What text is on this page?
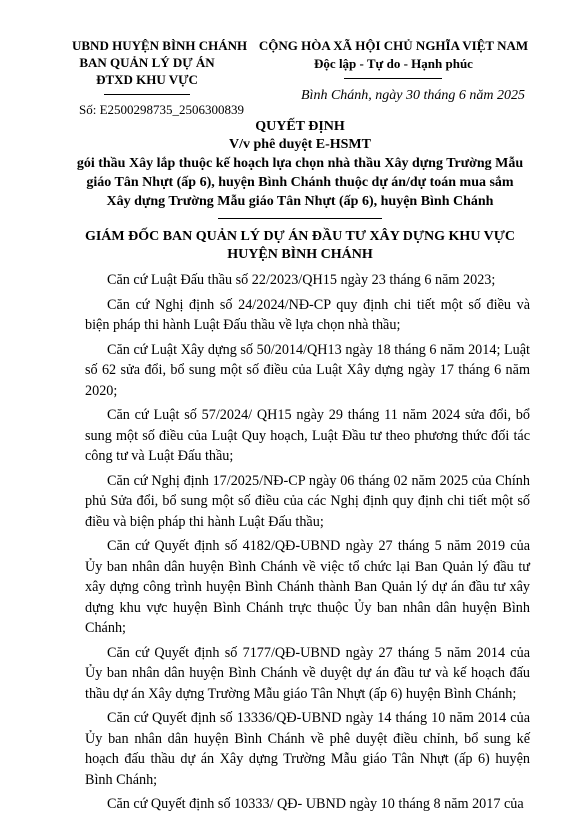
UBND HUYỆN BÌNH CHÁNH
BAN QUẢN LÝ DỰ ÁN
ĐTXD KHU VỰC
Số: E2500298735_2506300839
CỘNG HÒA XÃ HỘI CHỦ NGHĨA VIỆT NAM
Độc lập - Tự do - Hạnh phúc
Bình Chánh, ngày 30 tháng 6 năm 2025
QUYẾT ĐỊNH
V/v phê duyệt E-HSMT
gói thầu Xây lắp thuộc kế hoạch lựa chọn nhà thầu Xây dựng Trường Mẫu
giáo Tân Nhựt (ấp 6), huyện Bình Chánh thuộc dự án/dự toán mua sắm
Xây dựng Trường Mẫu giáo Tân Nhựt (ấp 6), huyện Bình Chánh
GIÁM ĐỐC BAN QUẢN LÝ DỰ ÁN ĐẦU TƯ XÂY DỰNG KHU VỰC
HUYỆN BÌNH CHÁNH

Căn cứ Luật Đấu thầu số 22/2023/QH15 ngày 23 tháng 6 năm 2023;

Căn cứ Nghị định số 24/2024/NĐ-CP quy định chi tiết một số điều và biện pháp thi hành Luật Đấu thầu về lựa chọn nhà thầu;

Căn cứ Luật Xây dựng số 50/2014/QH13 ngày 18 tháng 6 năm 2014; Luật số 62 sửa đổi, bổ sung một số điều của Luật Xây dựng ngày 17 tháng 6 năm 2020;

Căn cứ Luật số 57/2024/ QH15 ngày 29 tháng 11 năm 2024 sửa đổi, bổ sung một số điều của Luật Quy hoạch, Luật Đầu tư theo phương thức đối tác công tư và Luật Đấu thầu;

Căn cứ Nghị định 17/2025/NĐ-CP ngày 06 tháng 02 năm 2025 của Chính phủ Sửa đổi, bổ sung một số điều của các Nghị định quy định chi tiết một số điều và biện pháp thi hành Luật Đấu thầu;

Căn cứ Quyết định số 4182/QĐ-UBND ngày 27 tháng 5 năm 2019 của Ủy ban nhân dân huyện Bình Chánh về việc tổ chức lại Ban Quản lý đầu tư xây dựng công trình huyện Bình Chánh thành Ban Quản lý dự án đầu tư xây dựng khu vực huyện Bình Chánh trực thuộc Ủy ban nhân dân huyện Bình Chánh;

Căn cứ Quyết định số 7177/QĐ-UBND ngày 27 tháng 5 năm 2014 của Ủy ban nhân dân huyện Bình Chánh về duyệt dự án đầu tư và kế hoạch đấu thầu dự án Xây dựng Trường Mẫu giáo Tân Nhựt (ấp 6) huyện Bình Chánh;

Căn cứ Quyết định số 13336/QĐ-UBND ngày 14 tháng 10 năm 2014 của Ủy ban nhân dân huyện Bình Chánh về phê duyệt điều chỉnh, bổ sung kế hoạch đấu thầu dự án Xây dựng Trường Mẫu giáo Tân Nhựt (ấp 6) huyện Bình Chánh;

Căn cứ Quyết định số 10333/ QĐ- UBND ngày 10 tháng 8 năm 2017 của
